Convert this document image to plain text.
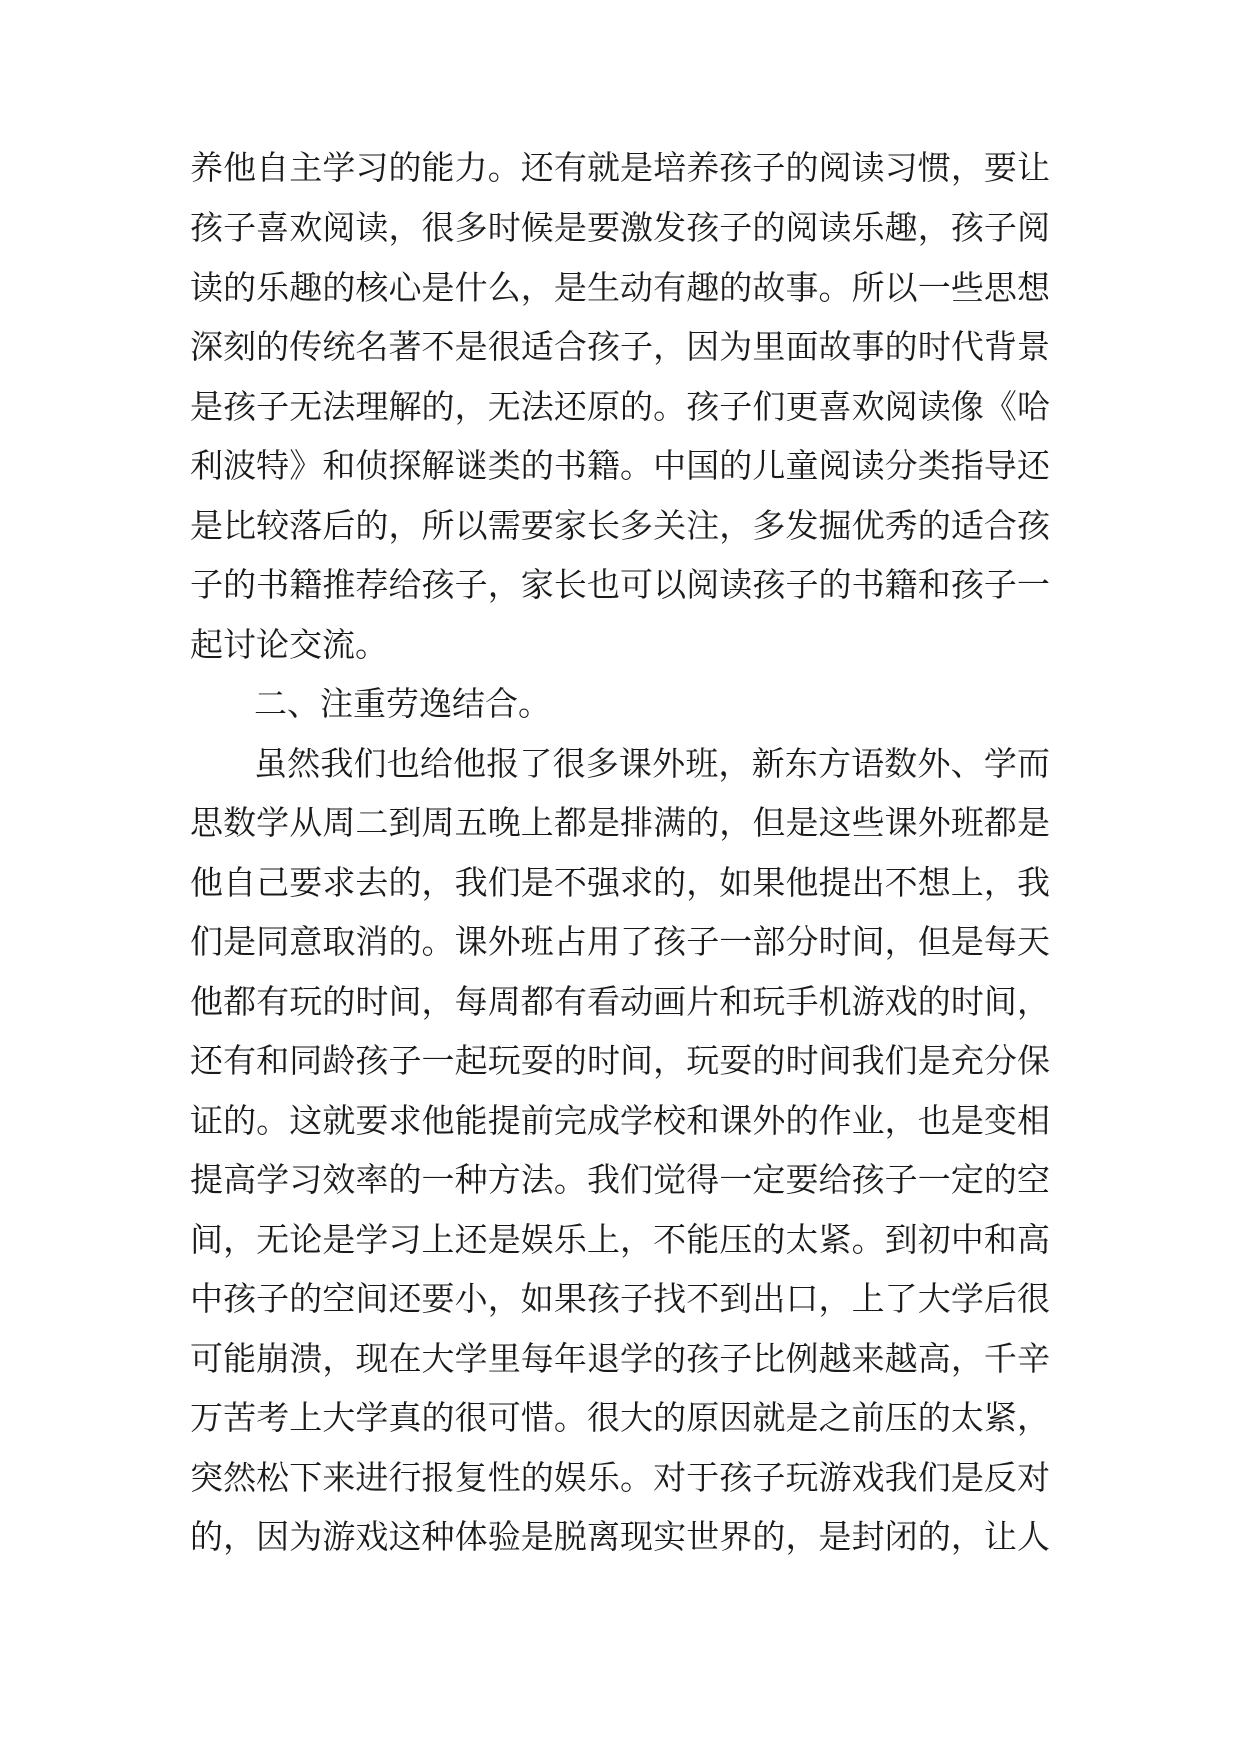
养他自主学习的能力。还有就是培养孩子的阅读习惯，要让
孩子喜欢阅读，很多时候是要激发孩子的阅读乐趣，孩子阅
读的乐趣的核心是什么，是生动有趣的故事。所以一些思想
深刻的传统名著不是很适合孩子，因为里面故事的时代背景
是孩子无法理解的，无法还原的。孩子们更喜欢阅读像《哈
利波特》和侦探解谜类的书籍。中国的儿童阅读分类指导还
是比较落后的，所以需要家长多关注，多发掘优秀的适合孩
子的书籍推荐给孩子，家长也可以阅读孩子的书籍和孩子一
起讨论交流。
二、注重劳逸结合。
虽然我们也给他报了很多课外班，新东方语数外、学而
思数学从周二到周五晚上都是排满的，但是这些课外班都是
他自己要求去的，我们是不强求的，如果他提出不想上，我
们是同意取消的。课外班占用了孩子一部分时间，但是每天
他都有玩的时间，每周都有看动画片和玩手机游戏的时间，
还有和同龄孩子一起玩耍的时间，玩耍的时间我们是充分保
证的。这就要求他能提前完成学校和课外的作业，也是变相
提高学习效率的一种方法。我们觉得一定要给孩子一定的空
间，无论是学习上还是娱乐上，不能压的太紧。到初中和高
中孩子的空间还要小，如果孩子找不到出口，上了大学后很
可能崩溃，现在大学里每年退学的孩子比例越来越高，千辛
万苦考上大学真的很可惜。很大的原因就是之前压的太紧，
突然松下来进行报复性的娱乐。对于孩子玩游戏我们是反对
的，因为游戏这种体验是脱离现实世界的，是封闭的，让人
